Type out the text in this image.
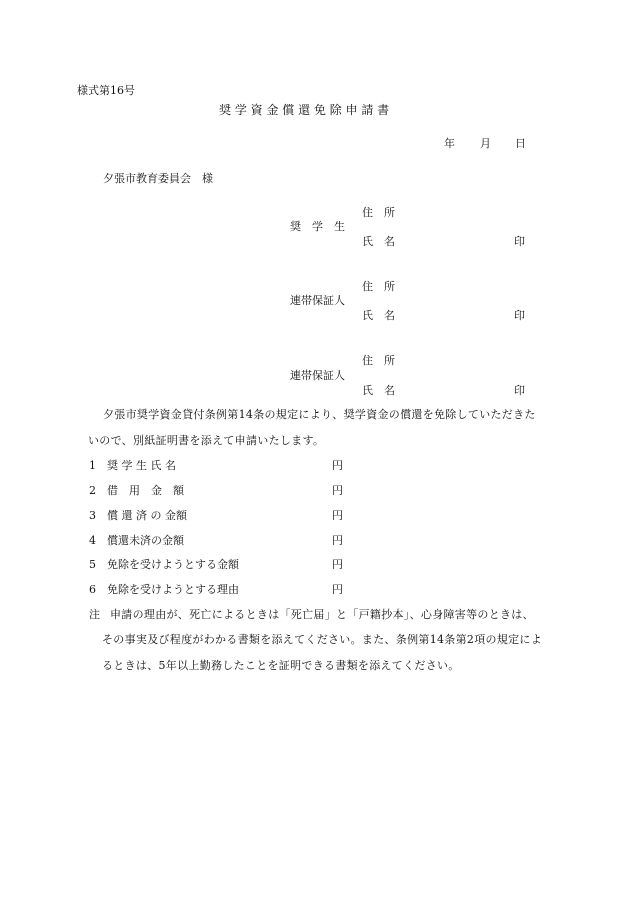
様式第16号
奨 学 資 金 償 還 免 除 申 請 書
年 月 日
夕張市教育委員会　様
住　所
奨　学　生
氏　名	印
住　所
連帯保証人
氏　名	印
住　所
連帯保証人
氏　名	印
夕張市奨学資金貸付条例第14条の規定により、奨学資金の償還を免除していただきた
いので、別紙証明書を添えて申請いたします。
1 奨 学 生 氏 名	円
2 借　用　金　額	円
3 償 還 済 の 金額	円
4 償還未済の金額	円
5 免除を受けようとする金額	円
6 免除を受けようとする理由	円
注 申請の理由が、死亡によるときは「死亡届」と「戸籍抄本」、心身障害等のときは、
その事実及び程度がわかる書類を添えてください。また、条例第14条第2項の規定によ
るときは、5年以上勤務したことを証明できる書類を添えてください。
